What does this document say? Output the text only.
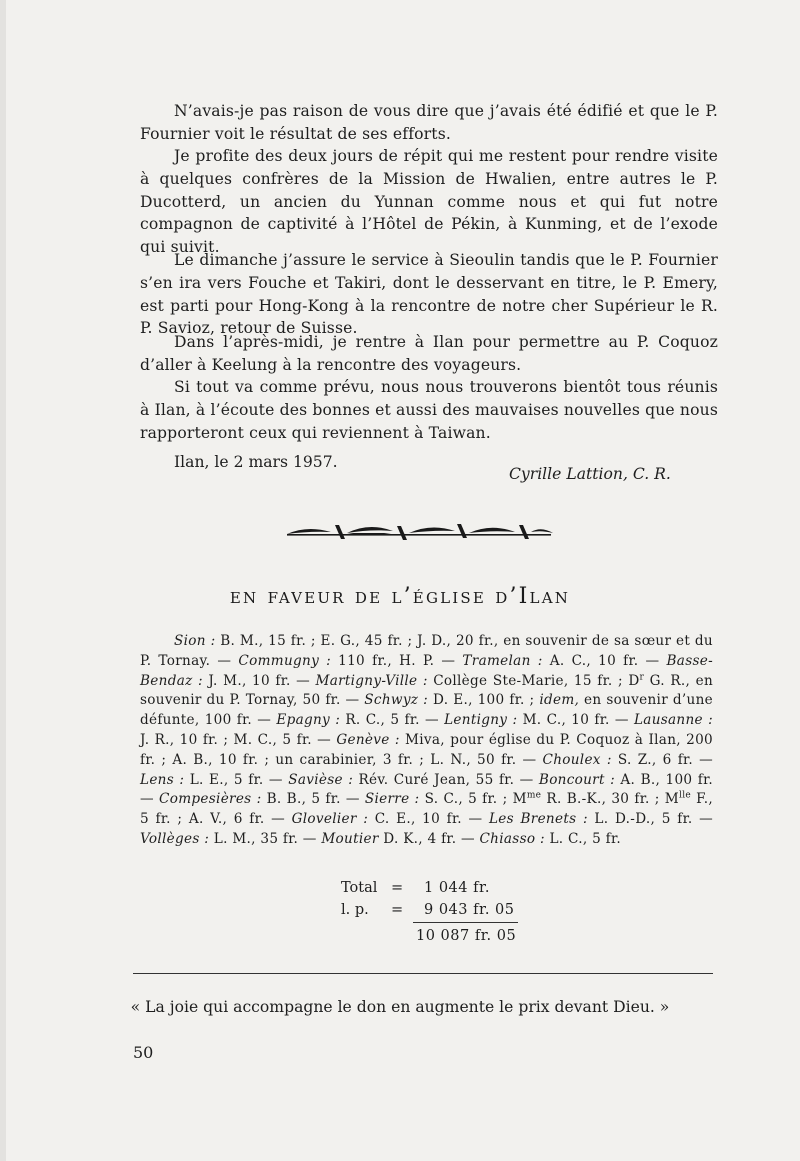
N’avais-je pas raison de vous dire que j’avais été édifié et que le P. Fournier voit le résultat de ses efforts.

Je profite des deux jours de répit qui me restent pour rendre visite à quelques confrères de la Mission de Hwalien, entre autres le P. Ducotterd, un ancien du Yunnan comme nous et qui fut notre compagnon de captivité à l’Hôtel de Pékin, à Kunming, et de l’exode qui suivit.

Le dimanche j’assure le service à Sieoulin tandis que le P. Fournier s’en ira vers Fouche et Takiri, dont le desservant en titre, le P. Emery, est parti pour Hong-Kong à la rencontre de notre cher Supérieur le R. P. Savioz, retour de Suisse.

Dans l’après-midi, je rentre à Ilan pour permettre au P. Coquoz d’aller à Keelung à la rencontre des voyageurs.

Si tout va comme prévu, nous nous trouverons bientôt tous réunis à Ilan, à l’écoute des bonnes et aussi des mauvaises nouvelles que nous rapporteront ceux qui reviennent à Taiwan.

Ilan, le 2 mars 1957.
Cyrille Lattion, C. R.
en faveur de l’église d’Ilan

Sion : B. M., 15 fr. ; E. G., 45 fr. ; J. D., 20 fr., en souvenir de sa sœur et du P. Tornay. — Commugny : 110 fr., H. P. — Tramelan : A. C., 10 fr. — Basse-Bendaz : J. M., 10 fr. — Martigny-Ville : Collège Ste-Marie, 15 fr. ; $D^r$ G. R., en souvenir du P. Tornay, 50 fr. — Schwyz : D. E., 100 fr. ; idem, en souvenir d’une défunte, 100 fr. — Epagny : R. C., 5 fr. — Lentigny : M. C., 10 fr. — Lausanne : J. R., 10 fr. ; M. C., 5 fr. — Genève : Miva, pour église du P. Coquoz à Ilan, 200 fr. ; A. B., 10 fr. ; un carabinier, 3 fr. ; L. N., 50 fr. — Choulex : S. Z., 6 fr. — Lens : L. E., 5 fr. — Savièse : Rév. Curé Jean, 55 fr. — Boncourt : A. B., 100 fr. — Compesières : B. B., 5 fr. — Sierre : S. C., 5 fr. ; $M^{me}$ R. B.-K., 30 fr. ; $M^{lle}$ F., 5 fr. ; A. V., 6 fr. — Glovelier : C. E., 10 fr. — Les Brenets : L. D.-D., 5 fr. — Vollèges : L. M., 35 fr. — Moutier D. K., 4 fr. — Chiasso : L. C., 5 fr.

Total = 1 044 fr.
l. p. = 9 043 fr. 05
10 087 fr. 05
« La joie qui accompagne le don en augmente le prix devant Dieu. »
50
